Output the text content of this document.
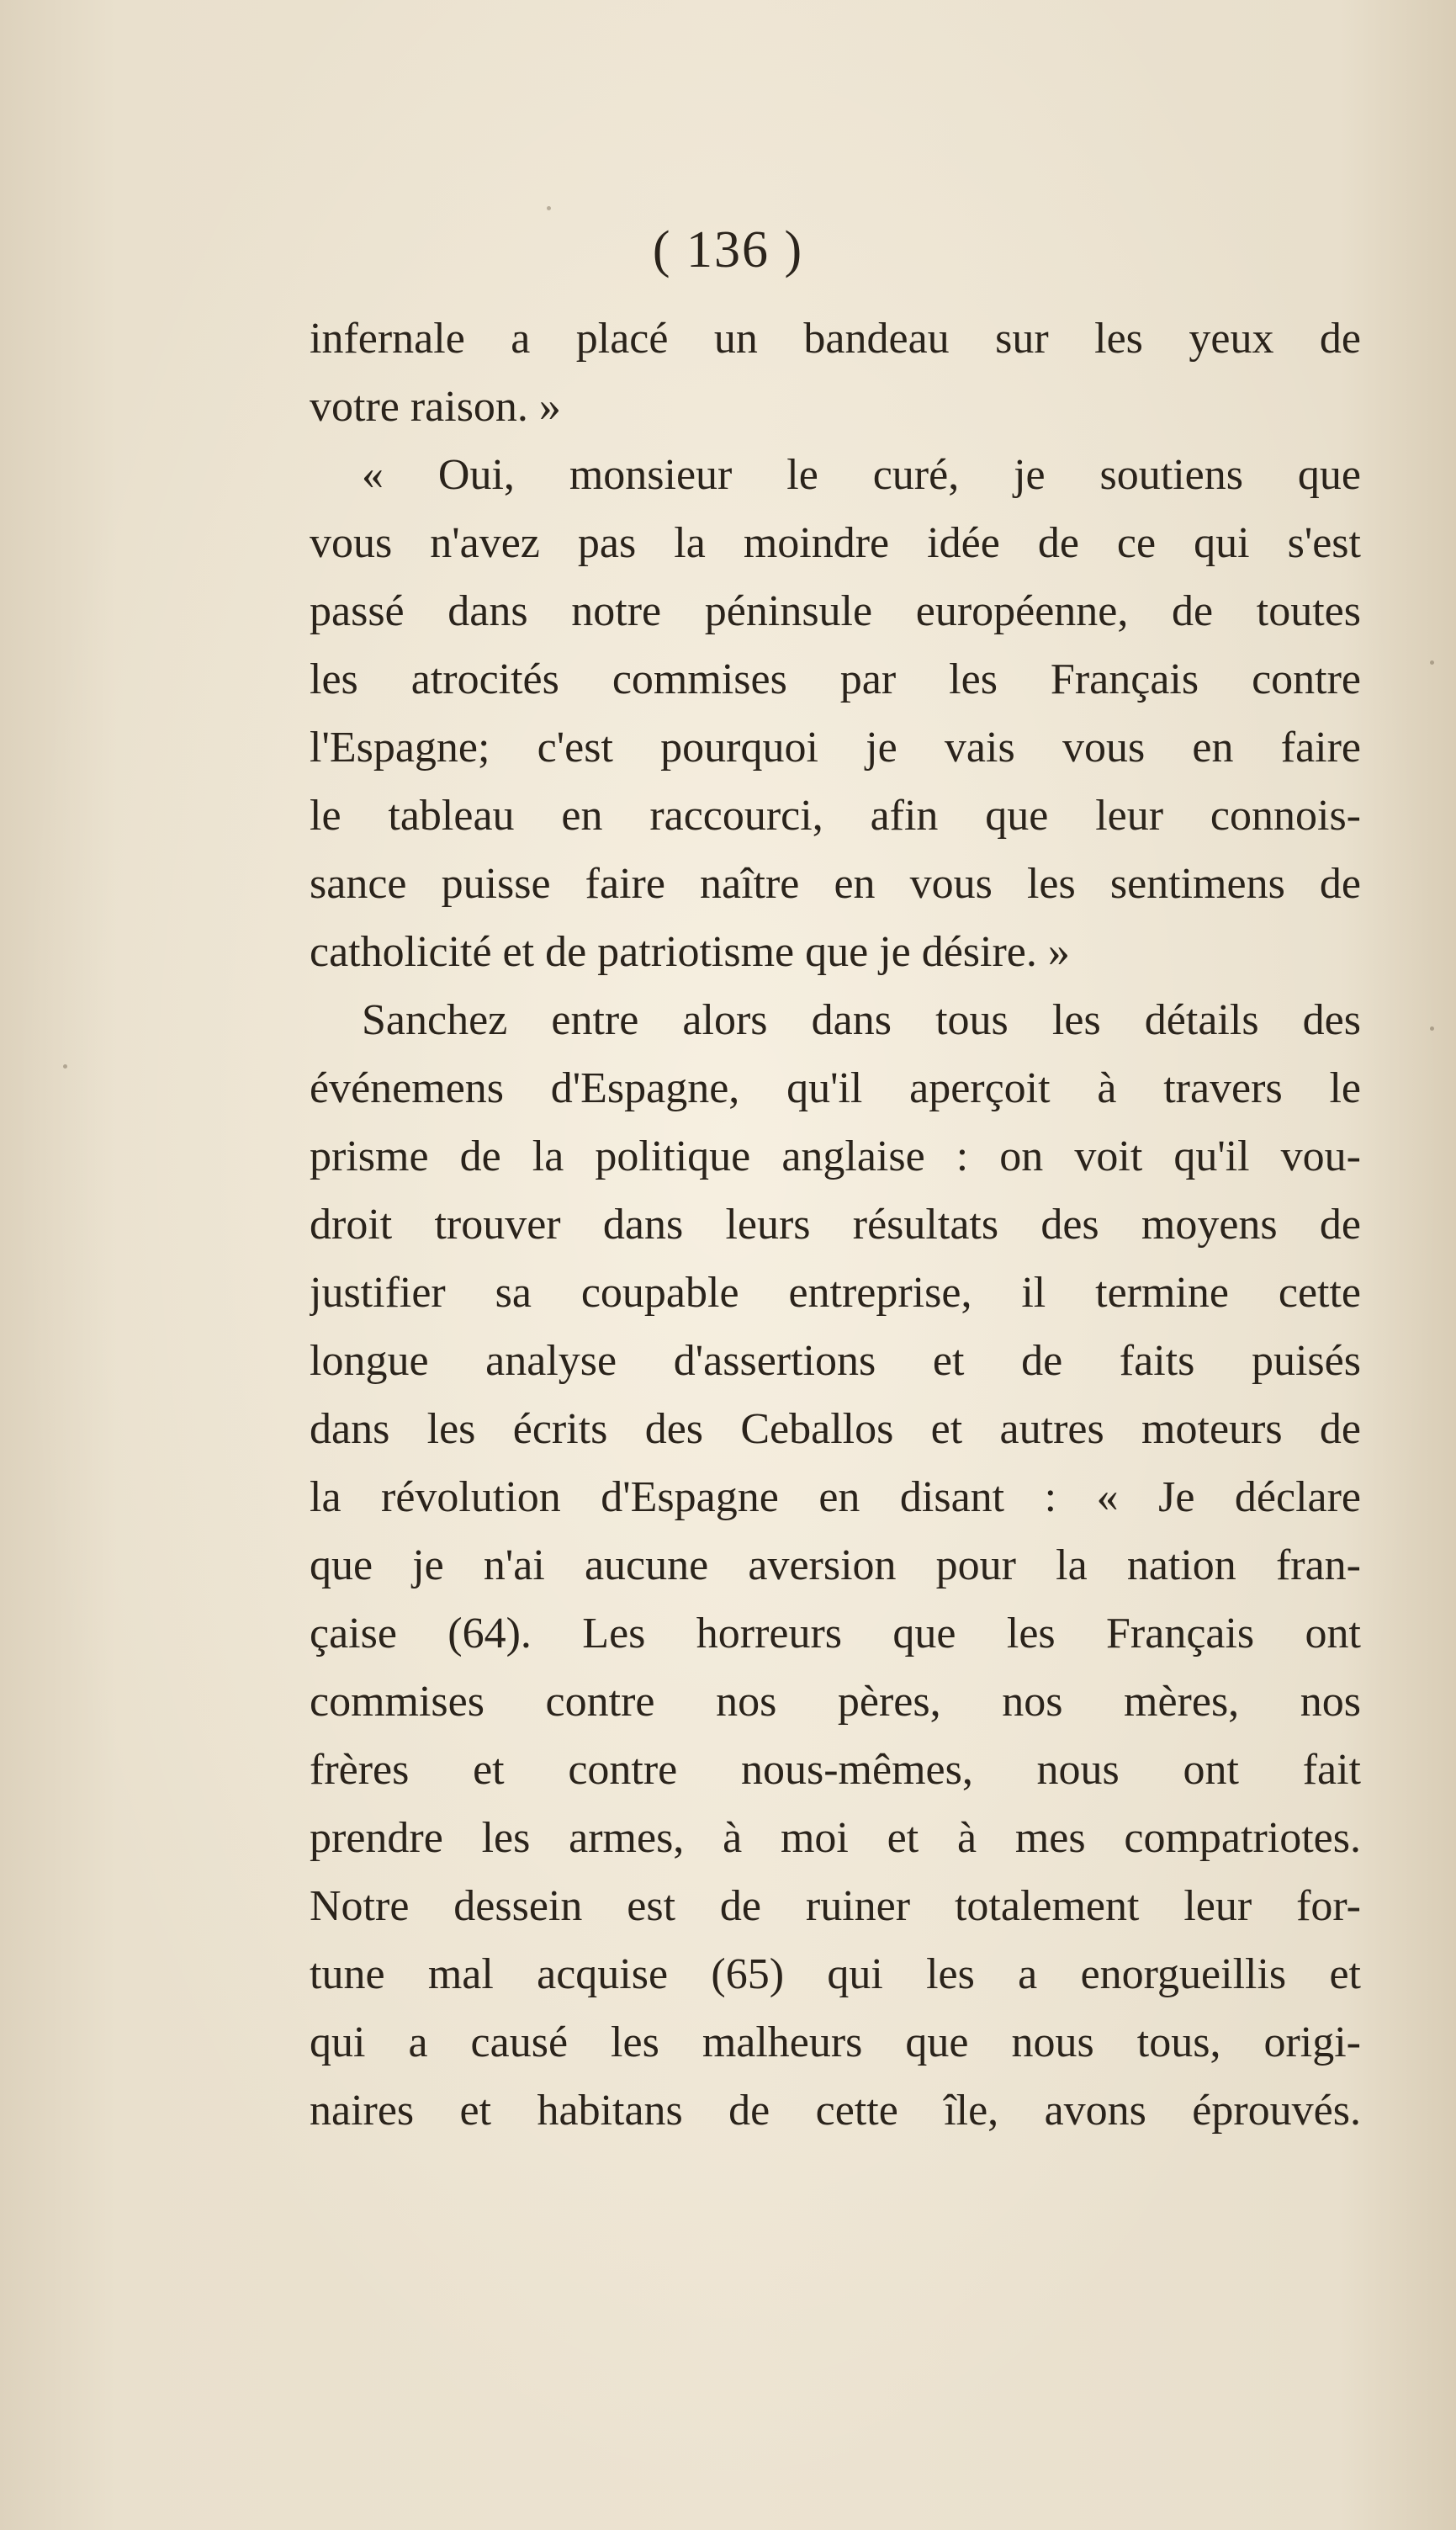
( 136 )
infernale a placé un bandeau sur les yeux de
votre raison. »
« Oui, monsieur le curé, je soutiens que
vous n'avez pas la moindre idée de ce qui s'est
passé dans notre péninsule européenne, de toutes
les atrocités commises par les Français contre
l'Espagne; c'est pourquoi je vais vous en faire
le tableau en raccourci, afin que leur connois-
sance puisse faire naître en vous les sentimens de
catholicité et de patriotisme que je désire. »
Sanchez entre alors dans tous les détails des
événemens d'Espagne, qu'il aperçoit à travers le
prisme de la politique anglaise : on voit qu'il vou-
droit trouver dans leurs résultats des moyens de
justifier sa coupable entreprise, il termine cette
longue analyse d'assertions et de faits puisés
dans les écrits des Ceballos et autres moteurs de
la révolution d'Espagne en disant : « Je déclare
que je n'ai aucune aversion pour la nation fran-
çaise (64). Les horreurs que les Français ont
commises contre nos pères, nos mères, nos
frères et contre nous-mêmes, nous ont fait
prendre les armes, à moi et à mes compatriotes.
Notre dessein est de ruiner totalement leur for-
tune mal acquise (65) qui les a enorgueillis et
qui a causé les malheurs que nous tous, origi-
naires et habitans de cette île, avons éprouvés.
